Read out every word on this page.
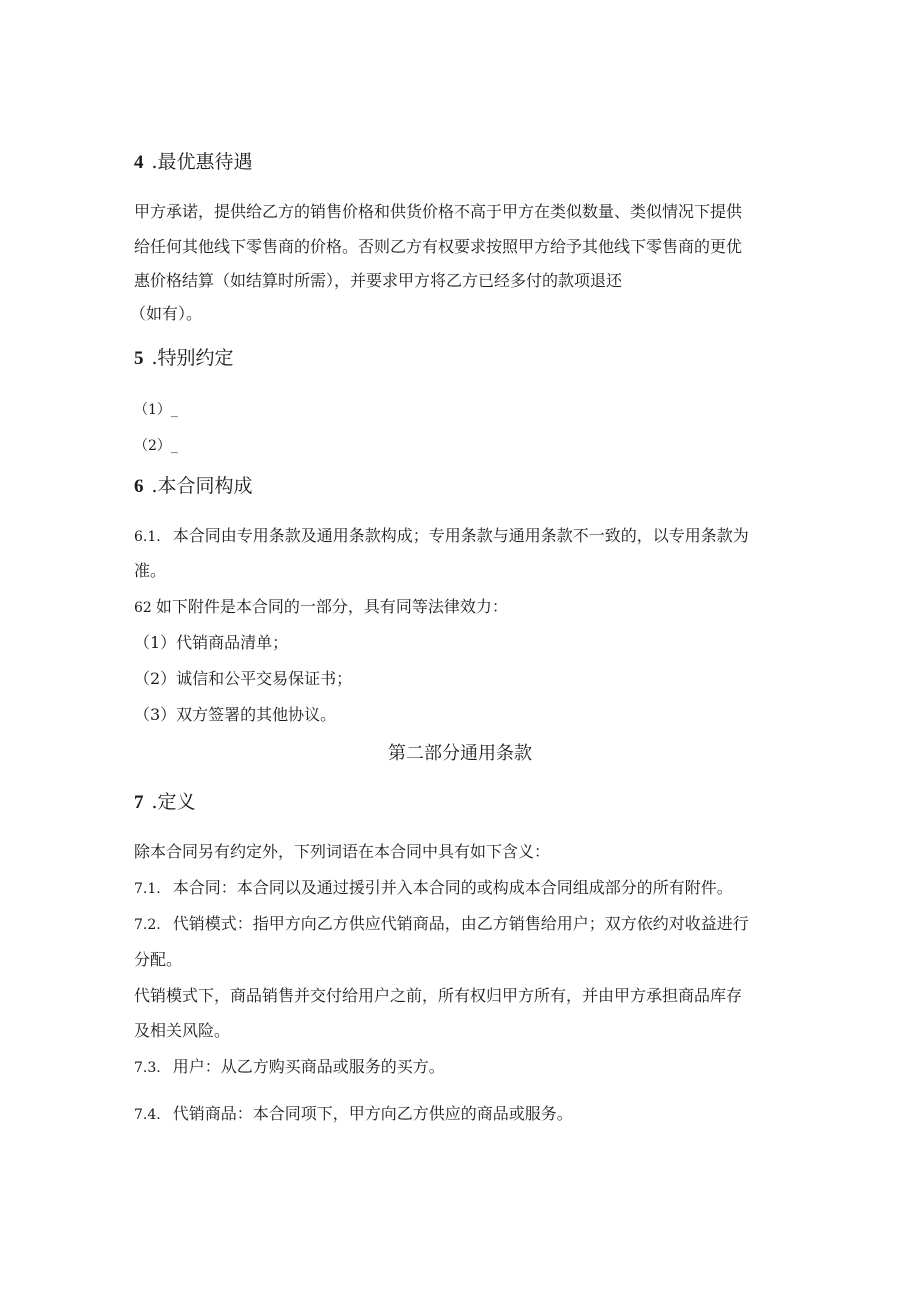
4 .最优惠待遇
甲方承诺，提供给乙方的销售价格和供货价格不高于甲方在类似数量、类似情况下提供
给任何其他线下零售商的价格。否则乙方有权要求按照甲方给予其他线下零售商的更优
惠价格结算（如结算时所需），并要求甲方将乙方已经多付的款项退还
（如有）。
5 .特别约定
（1）_
（2）_
6 .本合同构成
6.1. 本合同由专用条款及通用条款构成；专用条款与通用条款不一致的，以专用条款为
准。
62 如下附件是本合同的一部分，具有同等法律效力：
（1）代销商品清单；
（2）诚信和公平交易保证书；
（3）双方签署的其他协议。
第二部分通用条款
7 .定义
除本合同另有约定外，下列词语在本合同中具有如下含义：
7.1. 本合同：本合同以及通过援引并入本合同的或构成本合同组成部分的所有附件。
7.2. 代销模式：指甲方向乙方供应代销商品，由乙方销售给用户；双方依约对收益进行
分配。
代销模式下，商品销售并交付给用户之前，所有权归甲方所有，并由甲方承担商品库存
及相关风险。
7.3. 用户：从乙方购买商品或服务的买方。
7.4. 代销商品：本合同项下，甲方向乙方供应的商品或服务。
